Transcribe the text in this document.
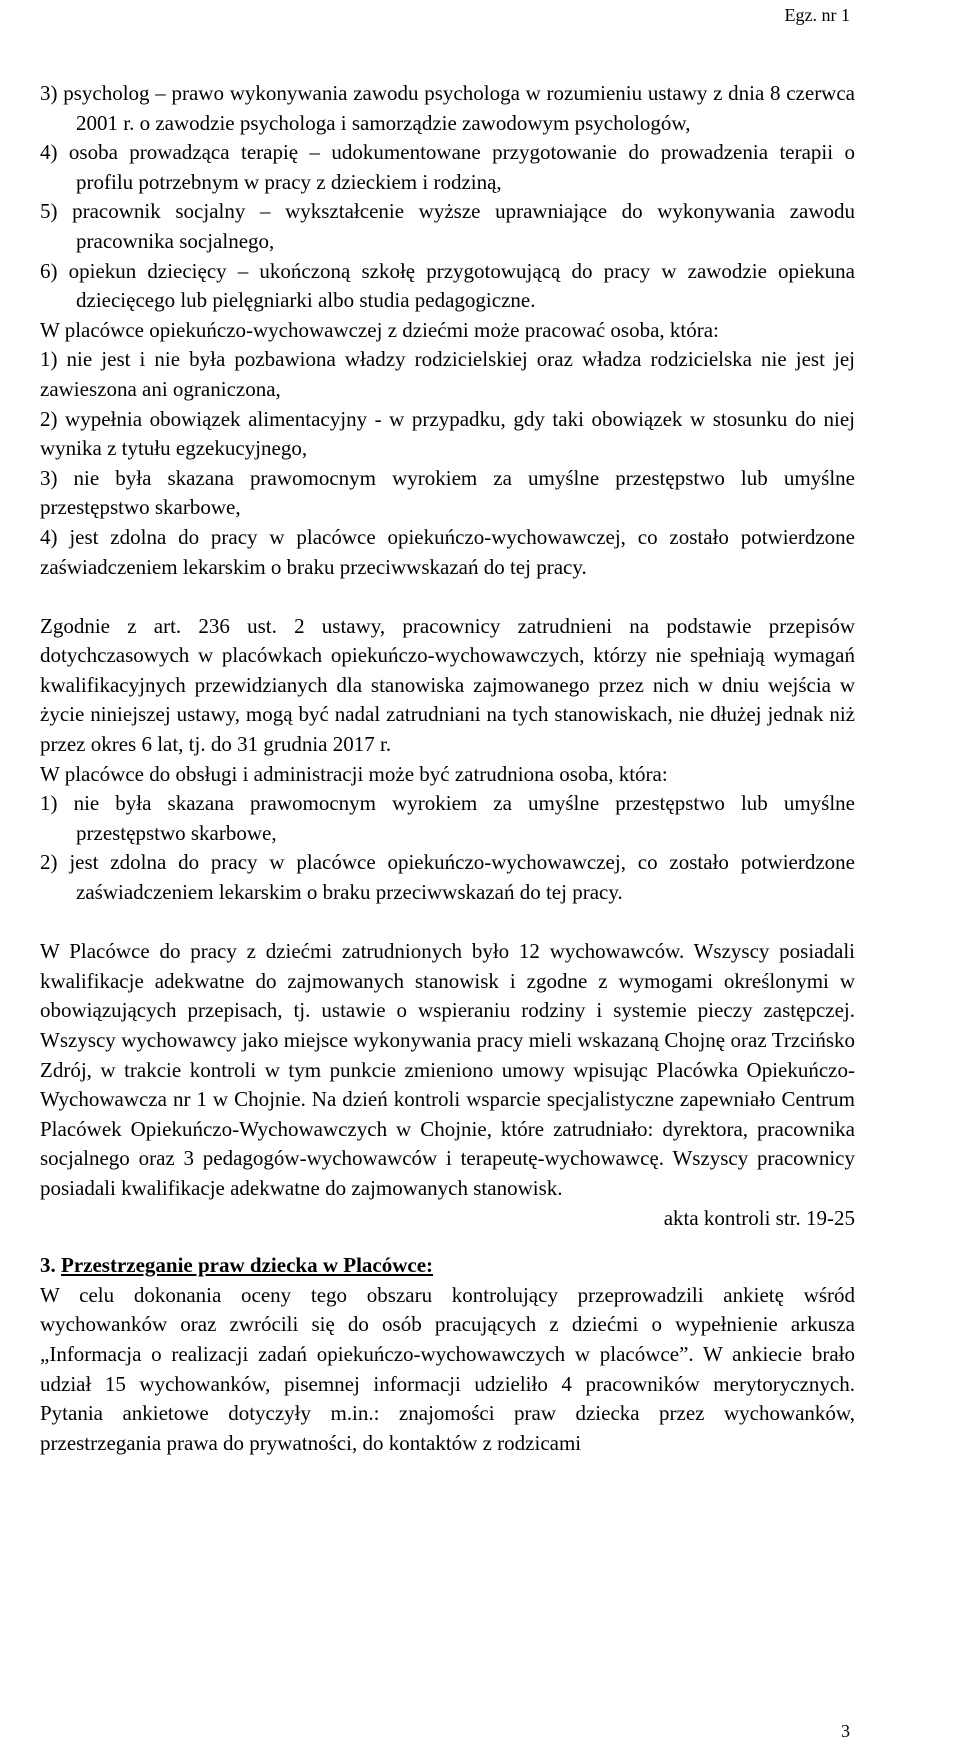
Egz. nr 1

3) psycholog – prawo wykonywania zawodu psychologa w rozumieniu ustawy z dnia 8 czerwca 2001 r. o zawodzie psychologa i samorządzie zawodowym psychologów,

4) osoba prowadząca terapię – udokumentowane przygotowanie do prowadzenia terapii o profilu potrzebnym w pracy z dzieckiem i rodziną,

5) pracownik socjalny – wykształcenie wyższe uprawniające do wykonywania zawodu pracownika socjalnego,

6) opiekun dziecięcy – ukończoną szkołę przygotowującą do pracy w zawodzie opiekuna dziecięcego lub pielęgniarki albo studia pedagogiczne.

W placówce opiekuńczo-wychowawczej z dziećmi może pracować osoba, która:

1) nie jest i nie była pozbawiona władzy rodzicielskiej oraz władza rodzicielska nie jest jej zawieszona ani ograniczona,

2) wypełnia obowiązek alimentacyjny - w przypadku, gdy taki obowiązek w stosunku do niej wynika z tytułu egzekucyjnego,

3) nie była skazana prawomocnym wyrokiem za umyślne przestępstwo lub umyślne przestępstwo skarbowe,

4) jest zdolna do pracy w placówce opiekuńczo-wychowawczej, co zostało potwierdzone zaświadczeniem lekarskim o braku przeciwwskazań do tej pracy.

Zgodnie z art. 236 ust. 2 ustawy, pracownicy zatrudnieni na podstawie przepisów dotychczasowych w placówkach opiekuńczo-wychowawczych, którzy nie spełniają wymagań kwalifikacyjnych przewidzianych dla stanowiska zajmowanego przez nich w dniu wejścia w życie niniejszej ustawy, mogą być nadal zatrudniani na tych stanowiskach, nie dłużej jednak niż przez okres 6 lat, tj. do 31 grudnia 2017 r.

W placówce do obsługi i administracji może być zatrudniona osoba, która:

1) nie była skazana prawomocnym wyrokiem za umyślne przestępstwo lub umyślne przestępstwo skarbowe,

2) jest zdolna do pracy w placówce opiekuńczo-wychowawczej, co zostało potwierdzone zaświadczeniem lekarskim o braku przeciwwskazań do tej pracy.

W Placówce do pracy z dziećmi zatrudnionych było 12 wychowawców. Wszyscy posiadali kwalifikacje adekwatne do zajmowanych stanowisk i zgodne z wymogami określonymi w obowiązujących przepisach, tj. ustawie o wspieraniu rodziny i systemie pieczy zastępczej. Wszyscy wychowawcy jako miejsce wykonywania pracy mieli wskazaną Chojnę oraz Trzcińsko Zdrój, w trakcie kontroli w tym punkcie zmieniono umowy wpisując Placówka Opiekuńczo-Wychowawcza nr 1 w Chojnie. Na dzień kontroli wsparcie specjalistyczne zapewniało Centrum Placówek Opiekuńczo-Wychowawczych w Chojnie, które zatrudniało: dyrektora, pracownika socjalnego oraz 3 pedagogów-wychowawców i terapeutę-wychowawcę. Wszyscy pracownicy posiadali kwalifikacje adekwatne do zajmowanych stanowisk.

akta kontroli str. 19-25

3. Przestrzeganie praw dziecka w Placówce:

W celu dokonania oceny tego obszaru kontrolujący przeprowadzili ankietę wśród wychowanków oraz zwrócili się do osób pracujących z dziećmi o wypełnienie arkusza „Informacja o realizacji zadań opiekuńczo-wychowawczych w placówce”. W ankiecie brało udział 15 wychowanków, pisemnej informacji udzieliło 4 pracowników merytorycznych. Pytania ankietowe dotyczyły m.in.: znajomości praw dziecka przez wychowanków, przestrzegania prawa do prywatności, do kontaktów z rodzicami

3
